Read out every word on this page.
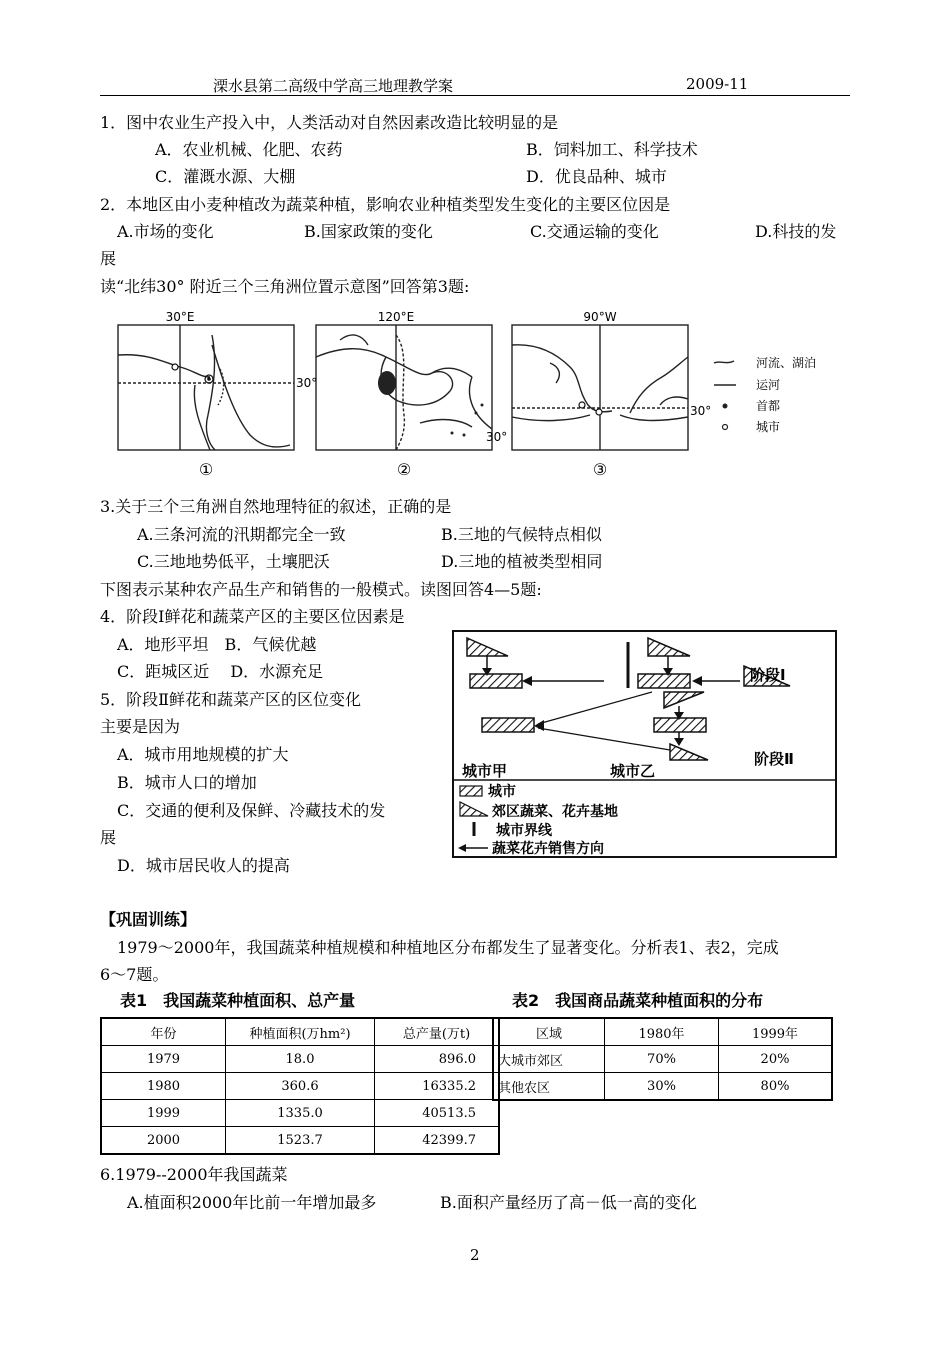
溧水县第二高级中学高三地理教学案	2009-11
1．图中农业生产投入中，人类活动对自然因素改造比较明显的是
A．农业机械、化肥、农药	B．饲料加工、科学技术
C．灌溉水源、大棚	D．优良品种、城市
2．本地区由小麦种植改为蔬菜种植，影响农业种植类型发生变化的主要区位因是
A.市场的变化	B.国家政策的变化	C.交通运输的变化	D.科技的发
展
读“北纬30° 附近三个三角洲位置示意图”回答第3题:
30°E
30°
①
120°E
30°
②
90°W
30°
③
河流、湖泊
运河
首都
城市
3.关于三个三角洲自然地理特征的叙述，正确的是
A.三条河流的汛期都完全一致	B.三地的气候特点相似
C.三地地势低平，土壤肥沃	D.三地的植被类型相同
下图表示某种农产品生产和销售的一般模式。读图回答4—5题:
4．阶段Ⅰ鲜花和蔬菜产区的主要区位因素是
A．地形平坦　B．气候优越
C．距城区近　 D．水源充足
5．阶段Ⅱ鲜花和蔬菜产区的区位变化
主要是因为
A．城市用地规模的扩大
B．城市人口的增加
C．交通的便利及保鲜、冷藏技术的发
展
D．城市居民收人的提高
阶段Ⅰ
阶段Ⅱ
城市甲	城市乙
城市
郊区蔬菜、花卉基地
城市界线
蔬菜花卉销售方向
【巩固训练】
1979～2000年，我国蔬菜种植规模和种植地区分布都发生了显著变化。分析表1、表2，完成
6～7题。
表1　我国蔬菜种植面积、总产量	表2　我国商品蔬菜种植面积的分布
年份	种植面积(万hm²)	总产量(万t)
1979	18.0	896.0
1980	360.6	16335.2
1999	1335.0	40513.5
2000	1523.7	42399.7
区域	1980年	1999年
大城市郊区	70%	20%
其他农区	30%	80%
6.1979--2000年我国蔬菜
A.植面积2000年比前一年增加最多	B.面积产量经历了高－低一高的变化
2
